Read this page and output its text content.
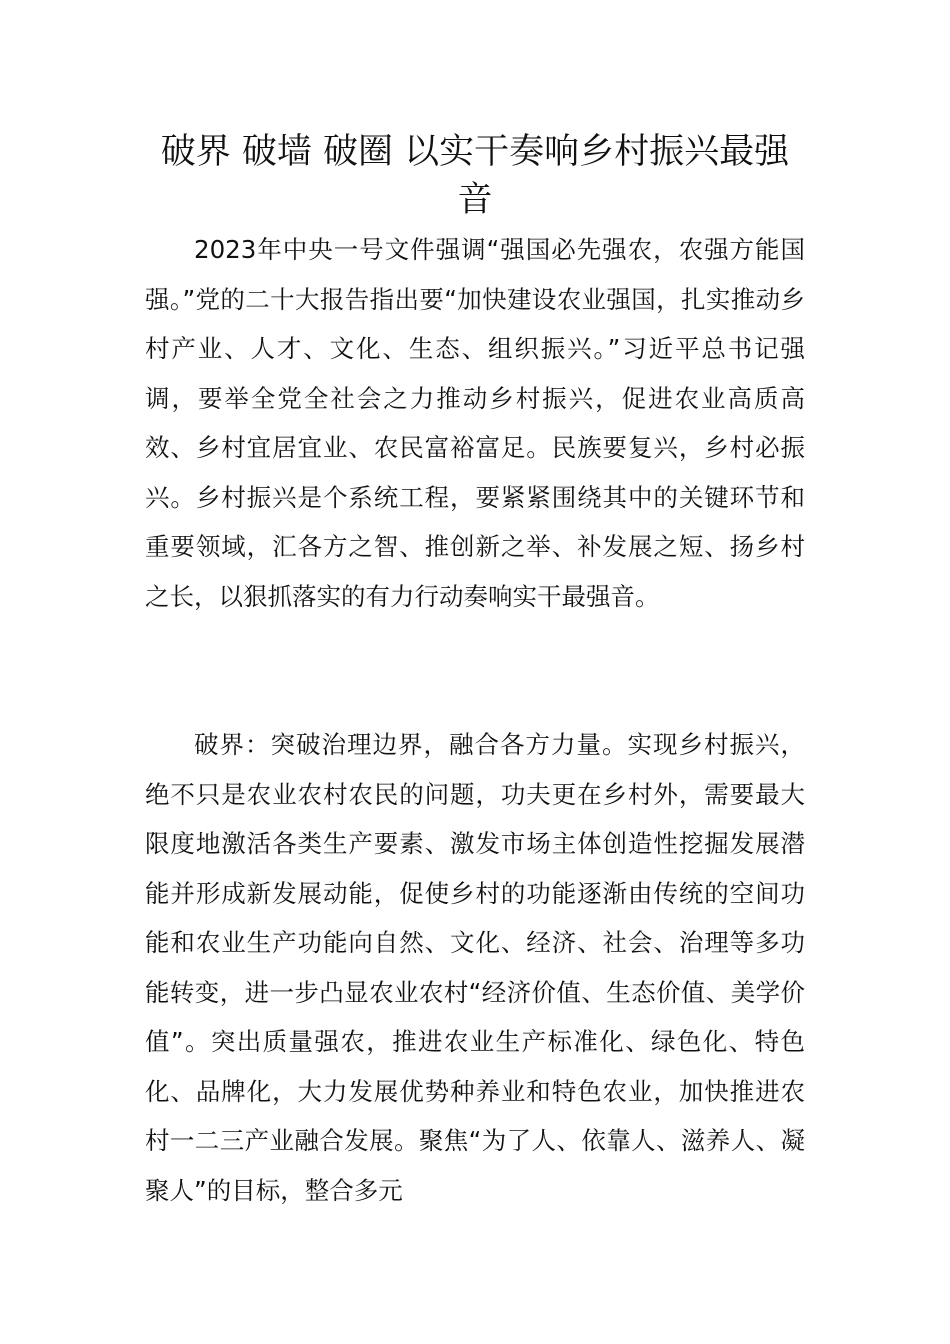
破界 破墙 破圈 以实干奏响乡村振兴最强音

2023年中央一号文件强调“强国必先强农，农强方能国强。”党的二十大报告指出要“加快建设农业强国，扎实推动乡村产业、人才、文化、生态、组织振兴。”习近平总书记强调，要举全党全社会之力推动乡村振兴，促进农业高质高效、乡村宜居宜业、农民富裕富足。民族要复兴，乡村必振兴。乡村振兴是个系统工程，要紧紧围绕其中的关键环节和重要领域，汇各方之智、推创新之举、补发展之短、扬乡村之长，以狠抓落实的有力行动奏响实干最强音。

破界：突破治理边界，融合各方力量。实现乡村振兴，绝不只是农业农村农民的问题，功夫更在乡村外，需要最大限度地激活各类生产要素、激发市场主体创造性挖掘发展潜能并形成新发展动能，促使乡村的功能逐渐由传统的空间功能和农业生产功能向自然、文化、经济、社会、治理等多功能转变，进一步凸显农业农村“经济价值、生态价值、美学价值”。突出质量强农，推进农业生产标准化、绿色化、特色化、品牌化，大力发展优势种养业和特色农业，加快推进农村一二三产业融合发展。聚焦“为了人、依靠人、滋养人、凝聚人”的目标，整合多元
